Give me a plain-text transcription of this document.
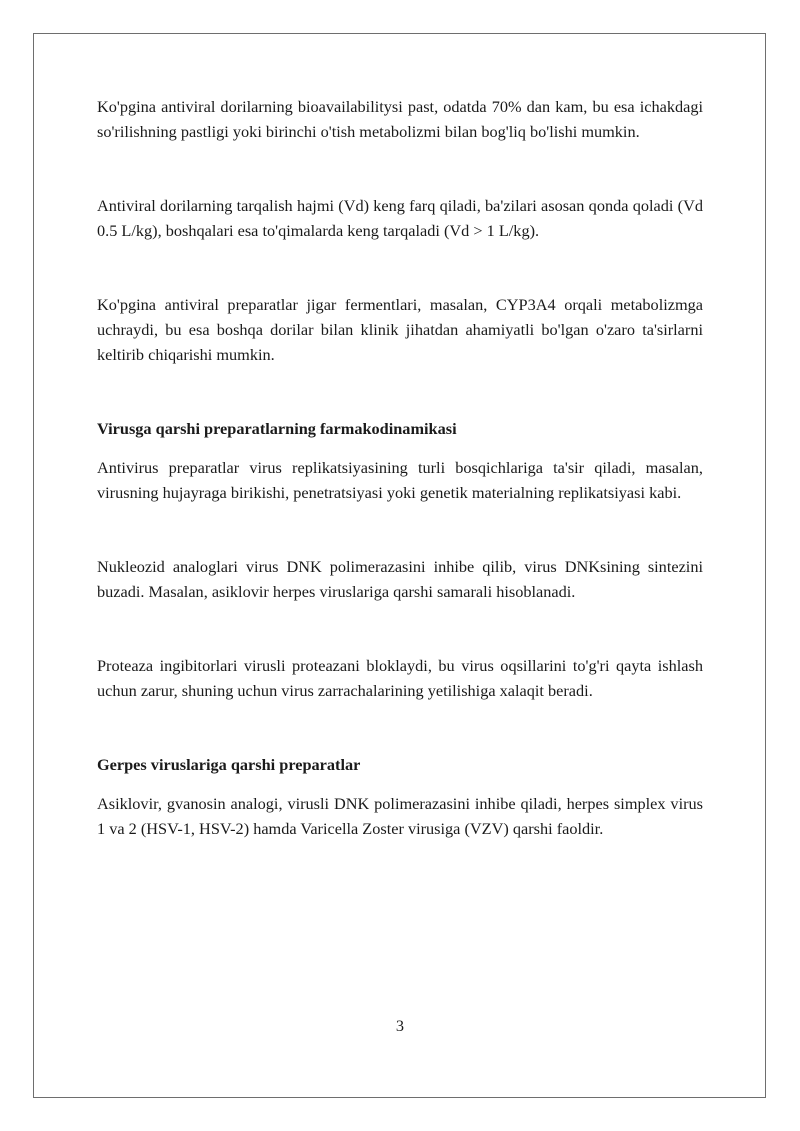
Ko'pgina antiviral dorilarning bioavailabilitysi past, odatda 70% dan kam, bu esa ichakdagi so'rilishning pastligi yoki birinchi o'tish metabolizmi bilan bog'liq bo'lishi mumkin.

Antiviral dorilarning tarqalish hajmi (Vd) keng farq qiladi, ba'zilari asosan qonda qoladi (Vd 0.5 L/kg), boshqalari esa to'qimalarda keng tarqaladi (Vd > 1 L/kg).

Ko'pgina antiviral preparatlar jigar fermentlari, masalan, CYP3A4 orqali metabolizmga uchraydi, bu esa boshqa dorilar bilan klinik jihatdan ahamiyatli bo'lgan o'zaro ta'sirlarni keltirib chiqarishi mumkin.

Virusga qarshi preparatlarning farmakodinamikasi

Antivirus preparatlar virus replikatsiyasining turli bosqichlariga ta'sir qiladi, masalan, virusning hujayraga birikishi, penetratsiyasi yoki genetik materialning replikatsiyasi kabi.

Nukleozid analoglari virus DNK polimerazasini inhibe qilib, virus DNKsining sintezini buzadi. Masalan, asiklovir herpes viruslariga qarshi samarali hisoblanadi.

Proteaza ingibitorlari virusli proteazani bloklaydi, bu virus oqsillarini to'g'ri qayta ishlash uchun zarur, shuning uchun virus zarrachalarining yetilishiga xalaqit beradi.

Gerpes viruslariga qarshi preparatlar

Asiklovir, gvanosin analogi, virusli DNK polimerazasini inhibe qiladi, herpes simplex virus 1 va 2 (HSV-1, HSV-2) hamda Varicella Zoster virusiga (VZV) qarshi faoldir.

3
